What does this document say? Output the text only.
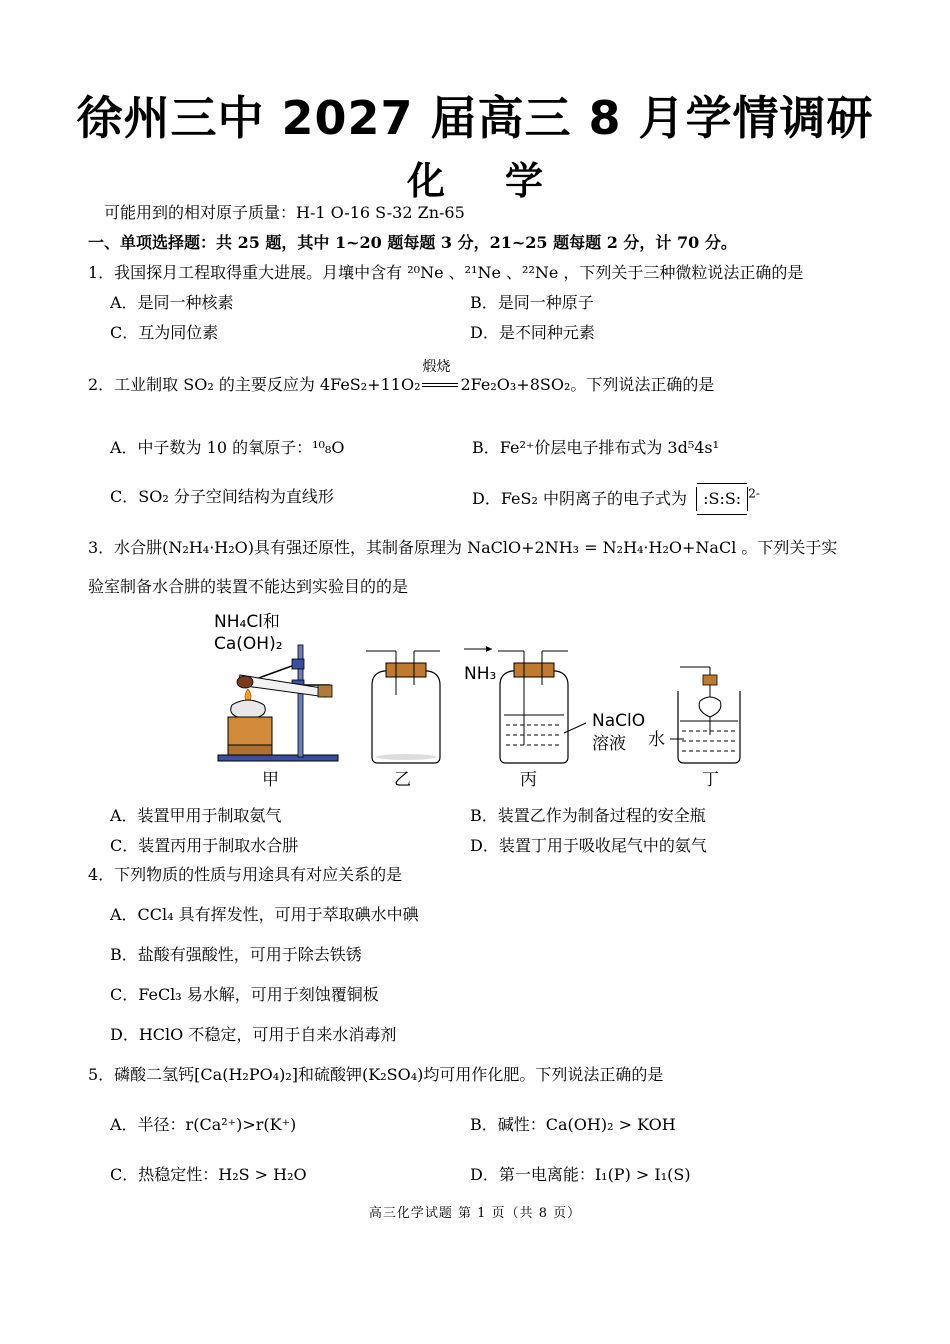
徐州三中 2027 届高三 8 月学情调研
化学
可能用到的相对原子质量：H-1 O-16 S-32 Zn-65
一、单项选择题：共 25 题，其中 1~20 题每题 3 分，21~25 题每题 2 分，计 70 分。
1．我国探月工程取得重大进展。月壤中含有 ²⁰Ne 、²¹Ne 、²²Ne ，下列关于三种微粒说法正确的是
A．是同一种核素	B．是同一种原子
C．互为同位素	D．是不同种元素
2．工业制取 SO₂ 的主要反应为 4FeS₂+11O₂
煅烧
2Fe₂O₃+8SO₂。下列说法正确的是
A．中子数为 10 的氧原子：¹⁰₈O	B．Fe²⁺价层电子排布式为 3d⁵4s¹
C．SO₂ 分子空间结构为直线形	D．FeS₂ 中阴离子的电子式为 :S:S: $^{2-}$
3．水合肼(N₂H₄·H₂O)具有强还原性，其制备原理为 NaClO+2NH₃ = N₂H₄·H₂O+NaCl 。下列关于实
验室制备水合肼的装置不能达到实验目的的是
NH₄Cl和
Ca(OH)₂
甲	乙
NH₃
NaClO
溶液
丙
水
丁
A．装置甲用于制取氨气	B．装置乙作为制备过程的安全瓶
C．装置丙用于制取水合肼	D．装置丁用于吸收尾气中的氨气
4．下列物质的性质与用途具有对应关系的是
A．CCl₄ 具有挥发性，可用于萃取碘水中碘
B．盐酸有强酸性，可用于除去铁锈
C．FeCl₃ 易水解，可用于刻蚀覆铜板
D．HClO 不稳定，可用于自来水消毒剂
5．磷酸二氢钙[Ca(H₂PO₄)₂]和硫酸钾(K₂SO₄)均可用作化肥。下列说法正确的是
A．半径：r(Ca²⁺)>r(K⁺)	B．碱性：Ca(OH)₂ > KOH
C．热稳定性：H₂S > H₂O	D．第一电离能：I₁(P) > I₁(S)
高三化学试题 第 1 页（共 8 页）
